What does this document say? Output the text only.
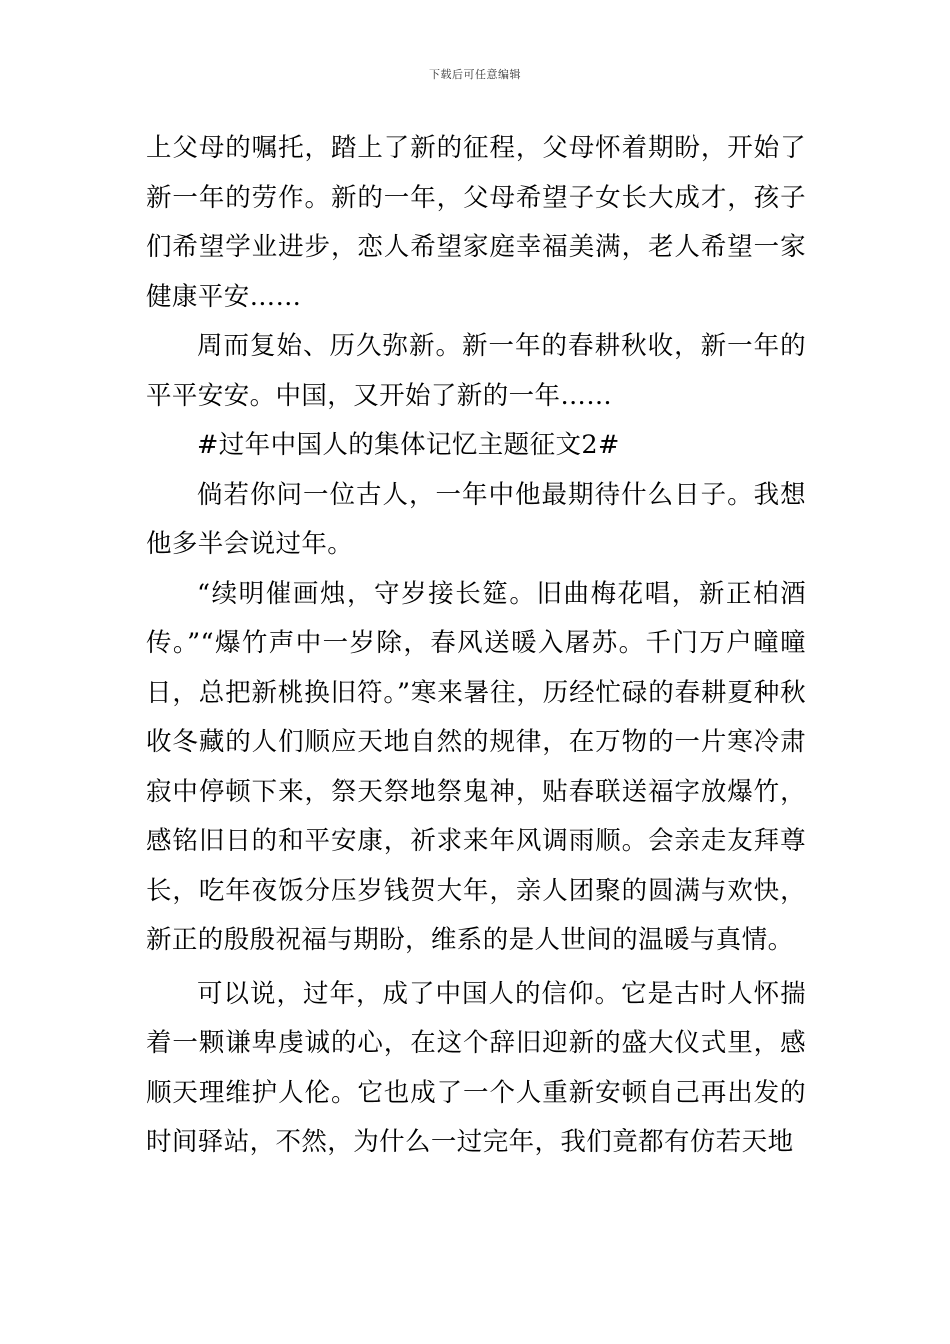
下载后可任意编辑

上父母的嘱托，踏上了新的征程，父母怀着期盼，开始了新一年的劳作。新的一年，父母希望子女长大成才，孩子们希望学业进步，恋人希望家庭幸福美满，老人希望一家健康平安……

周而复始、历久弥新。新一年的春耕秋收，新一年的平平安安。中国，又开始了新的一年……

#过年中国人的集体记忆主题征文2#

倘若你问一位古人，一年中他最期待什么日子。我想他多半会说过年。

“续明催画烛，守岁接长筵。旧曲梅花唱，新正柏酒传。”“爆竹声中一岁除，春风送暖入屠苏。千门万户曈曈日，总把新桃换旧符。”寒来暑往，历经忙碌的春耕夏种秋收冬藏的人们顺应天地自然的规律，在万物的一片寒冷肃寂中停顿下来，祭天祭地祭鬼神，贴春联送福字放爆竹，感铭旧日的和平安康，祈求来年风调雨顺。会亲走友拜尊长，吃年夜饭分压岁钱贺大年，亲人团聚的圆满与欢快，新正的殷殷祝福与期盼，维系的是人世间的温暖与真情。

可以说，过年，成了中国人的信仰。它是古时人怀揣着一颗谦卑虔诚的心，在这个辞旧迎新的盛大仪式里，感顺天理维护人伦。它也成了一个人重新安顿自己再出发的时间驿站，不然，为什么一过完年，我们竟都有仿若天地
